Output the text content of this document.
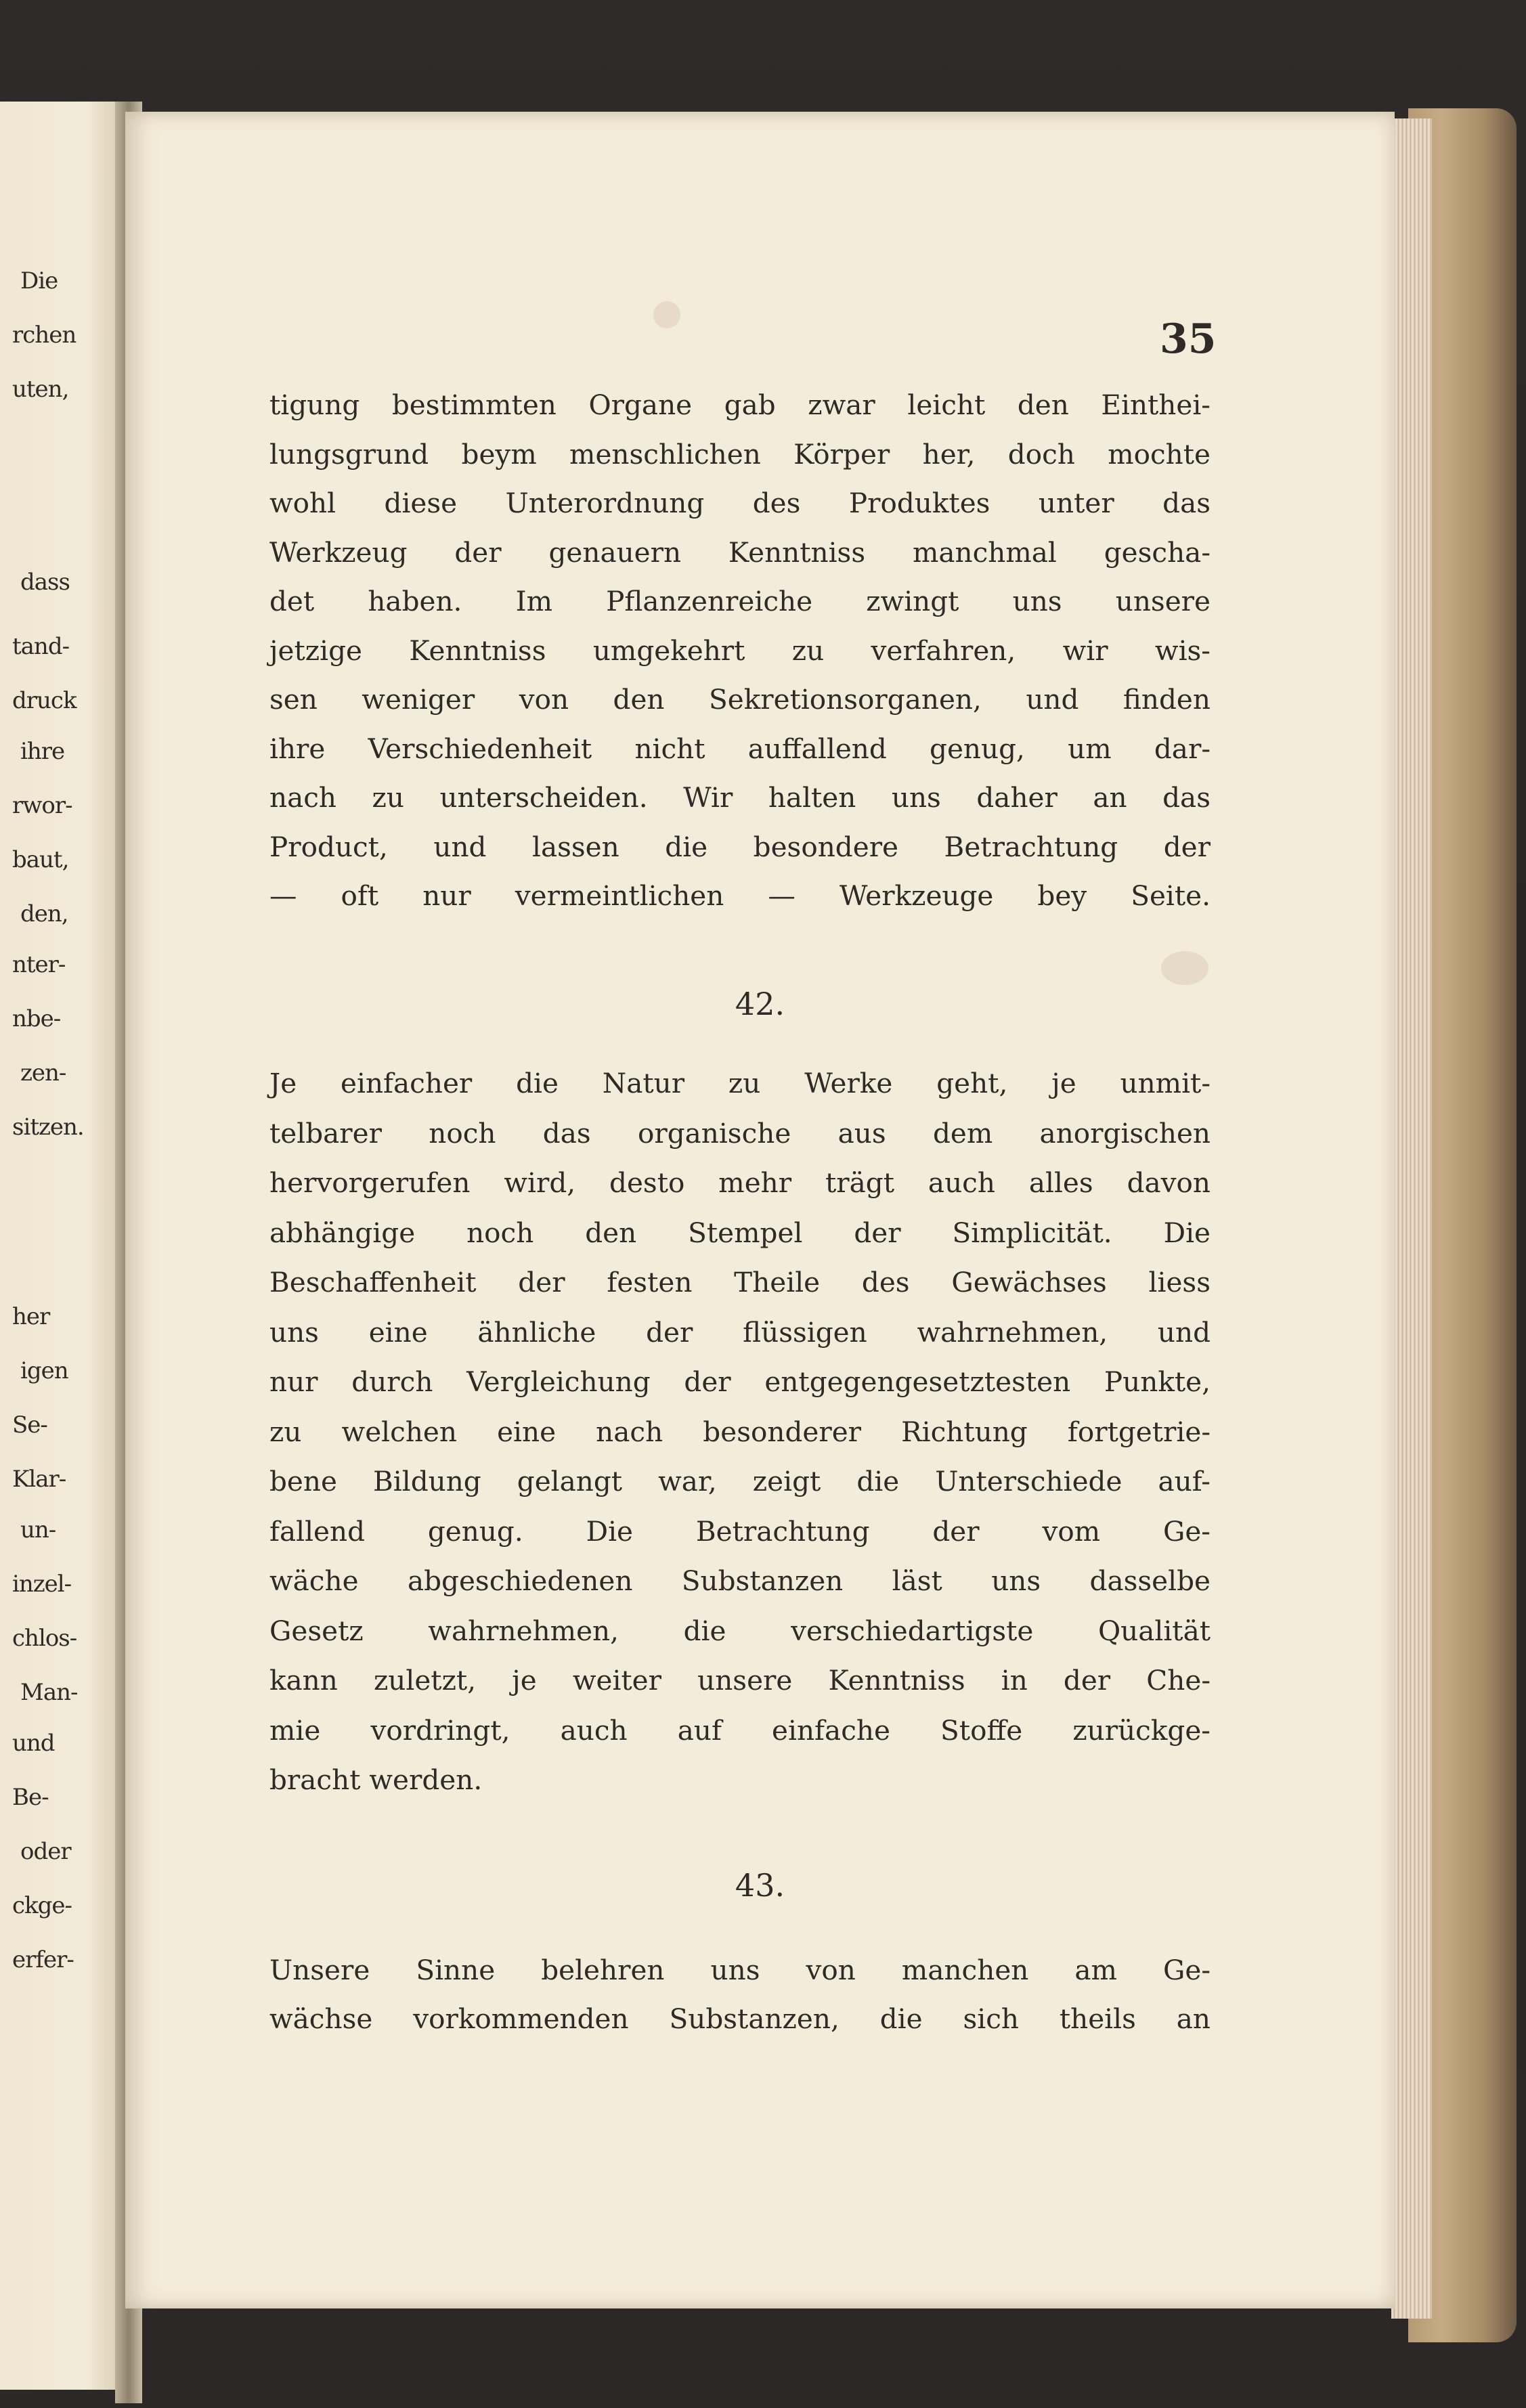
Die
rchen
uten,
dass
tand-
druck
ihre
rwor-
baut,
den,
nter-
nbe-
zen-
sitzen.
her
igen
Se-
Klar-
un-
inzel-
chlos-
Man-
und
Be-
oder
ckge-
erfer-
35
tigung bestimmten Organe gab zwar leicht den Eintheі-
lungsgrund beym menschlichen Körper her, doch mochte
wohl diese Unterordnung des Produktes unter das
Werkzeug der genauern Kenntniss manchmal gescha-
det haben. Im Pflanzenreiche zwingt uns unsere
jetzige Kenntniss umgekehrt zu verfahren, wir wis-
sen weniger von den Sekretionsorganen, und finden
ihre Verschiedenheit nicht auffallend genug, um dar-
nach zu unterscheiden. Wir halten uns daher an das
Product, und lassen die besondere Betrachtung der
— oft nur vermeintlichen — Werkzeuge bey Seite.
42.
Je einfacher die Natur zu Werke geht, je unmit-
telbarer noch das organische aus dem anorgischen
hervorgerufen wird, desto mehr trägt auch alles davon
abhängige noch den Stempel der Simplicität. Die
Beschaffenheit der festen Theile des Gewächses liess
uns eine ähnliche der flüssigen wahrnehmen, und
nur durch Vergleichung der entgegengesetztesten Punkte,
zu welchen eine nach besonderer Richtung fortgetrie-
bene Bildung gelangt war, zeigt die Unterschiede auf-
fallend genug. Die Betrachtung der vom Ge-
wäche abgeschiedenen Substanzen läst uns dasselbe
Gesetz wahrnehmen, die verschiedartigste Qualität
kann zuletzt, je weiter unsere Kenntniss in der Che-
mie vordringt, auch auf einfache Stoffe zurückge-
bracht werden.
43.
Unsere Sinne belehren uns von manchen am Ge-
wächse vorkommenden Substanzen, die sich theils an
